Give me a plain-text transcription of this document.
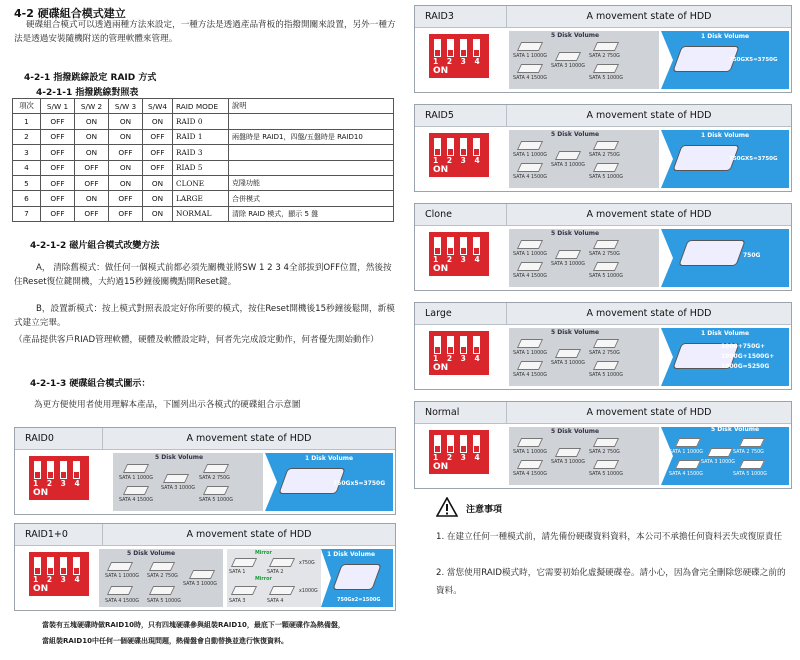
4-2 硬碟組合模式建立
硬碟組合模式可以透過兩種方法來設定，一種方法是透過產品背板的指撥開關來設置，另外一種方法是透過安裝隨機附送的管理軟體來管理。
4-2-1 指撥跳線設定 RAID 方式
4-2-1-1 指撥跳線對照表
項次	S/W 1	S/W 2	S/W 3	S/W4	RAID MODE	說明
1	OFF	ON	ON	ON	RAID 0	
2	OFF	ON	ON	OFF	RAID 1	兩盤時是 RAID1，四盤/五盤時是 RAID10
3	OFF	ON	OFF	OFF	RAID 3	
4	OFF	OFF	ON	OFF	RIAD 5	
5	OFF	OFF	ON	ON	CLONE	克隆功能
6	OFF	ON	OFF	ON	LARGE	合併模式
7	OFF	OFF	OFF	ON	NORMAL	清除 RAID 模式，顯示 5 盤
4-2-1-2 磁片組合模式改變方法
A， 清除舊模式：做任何一個模式前都必須先關機並將SW 1 2 3 4全部拔到OFF位置，然後按住Reset復位鍵開機，大約過15秒鐘後關機點開Reset鍵。
B，設置新模式：按上模式對照表設定好你所要的模式，按住Reset開機後15秒鐘後鬆開，新模式建立完畢。
（產品提供客戶RIAD管理軟體，硬體及軟體設定時，何者先完成設定動作，何者優先開始動作）
4-2-1-3 硬碟組合模式圖示：
為更方便使用者使用理解本產品，下圖列出示各模式的硬碟組合示意圖
RAID0	A movement state of HDD
1 2 3 4
ON
5 Disk Volume
SATA 1 1000G	SATA 2 750G
SATA 3 1000G
SATA 4 1500G	SATA 5 1000G
1 Disk Volume
750Gx5=3750G
RAID1+0	A movement state of HDD
1 2 3 4
ON
5 Disk Volume
SATA 1 1000G SATA 2 750G
SATA 3 1000G
SATA 4 1500G SATA 5 1000G
Mirror
SATA 1	SATA 2
x750G
Mirror
SATA 3	SATA 4
x1000G
1 Disk Volume
750Gx2=1500G
當裝有五塊硬碟時做RAID10時，只有四塊硬碟參與組裝RAID10，最底下一顆硬碟作為熱備盤，
當組裝RAID10中任何一個硬碟出現問題，熱備盤會自動替換並進行恢復資料。
RAID3	A movement state of HDD
1 2 3 4
ON
5 Disk Volume
SATA 1 1000G	SATA 2 750G
SATA 3 1000G
SATA 4 1500G	SATA 5 1000G
1 Disk Volume
750GX5=3750G
RAID5	A movement state of HDD
1 2 3 4
ON
5 Disk Volume
SATA 1 1000G	SATA 2 750G
SATA 3 1000G
SATA 4 1500G	SATA 5 1000G
1 Disk Volume
750GX5=3750G
Clone	A movement state of HDD
1 2 3 4
ON
5 Disk Volume
SATA 1 1000G	SATA 2 750G
SATA 3 1000G
SATA 4 1500G	SATA 5 1000G
750G
Large	A movement state of HDD
1 2 3 4
ON
5 Disk Volume
SATA 1 1000G	SATA 2 750G
SATA 3 1000G
SATA 4 1500G	SATA 5 1000G
1 Disk Volume
1000+750G+
1000G+1500G+
1000G=5250G
Normal	A movement state of HDD
1 2 3 4
ON
5 Disk Volume
SATA 1 1000G	SATA 2 750G
SATA 3 1000G
SATA 4 1500G	SATA 5 1000G
5 Disk Volume
SATA 1 1000G	SATA 2 750G
SATA 3 1000G
SATA 4 1500G	SATA 5 1000G
注意事項
1. 在建立任何一種模式前，請先備份硬碟資料資料，本公司不承擔任何資料丟失或復原責任
2. 當您使用RAID模式時，它需要初始化虛擬硬碟卷。請小心，因為會完全刪除您硬碟之前的資料。
